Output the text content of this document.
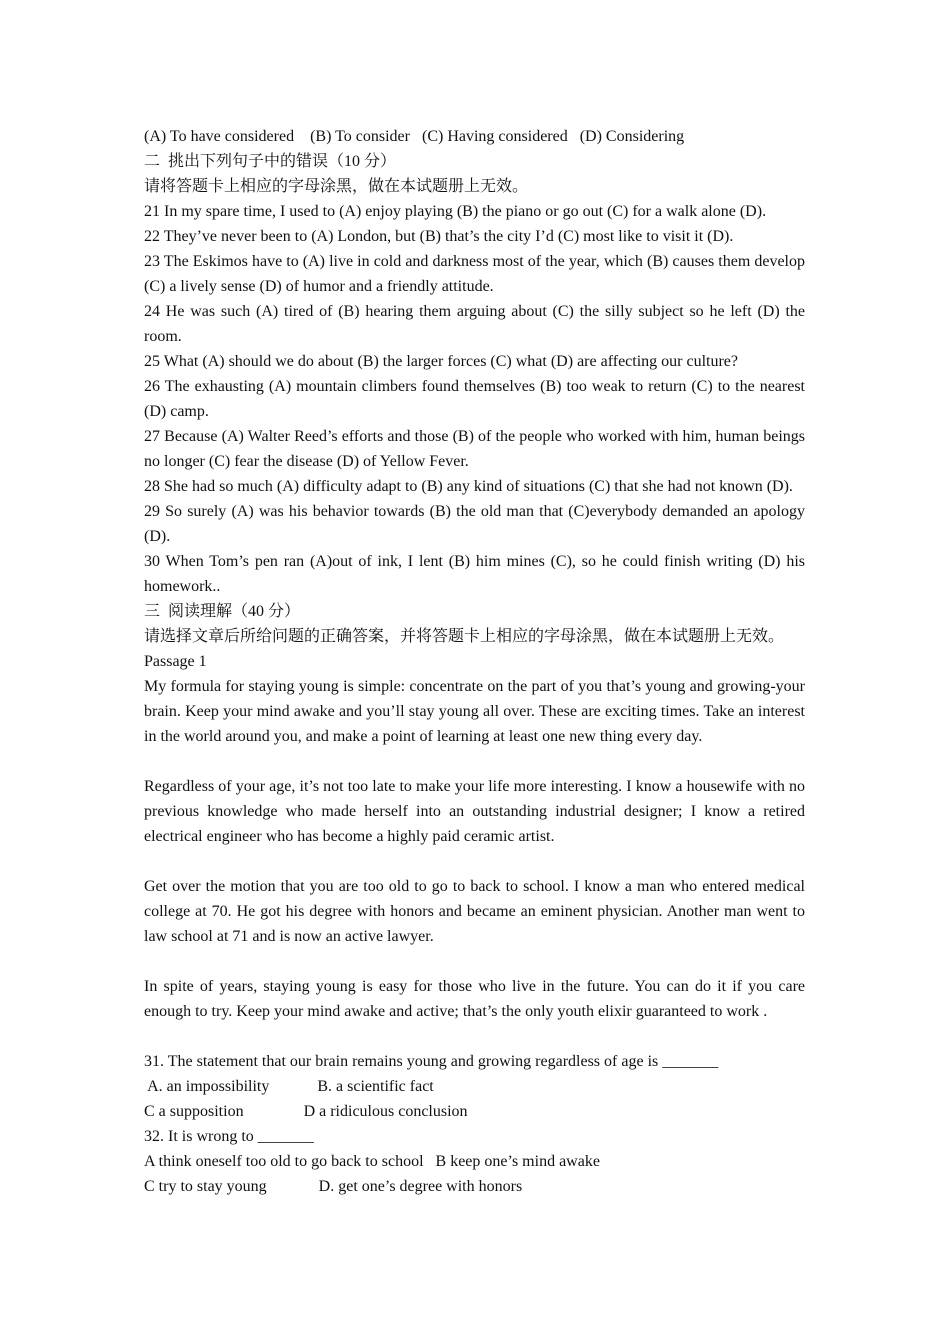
(A) To have considered    (B) To consider   (C) Having considered   (D) Considering
二  挑出下列句子中的错误（10 分）
请将答题卡上相应的字母涂黑，做在本试题册上无效。
21 In my spare time, I used to (A) enjoy playing (B) the piano or go out (C) for a walk alone (D).
22 They’ve never been to (A) London, but (B) that’s the city I’d (C) most like to visit it (D).
23 The Eskimos have to (A) live in cold and darkness most of the year, which (B) causes them develop (C) a lively sense (D) of humor and a friendly attitude.
24 He was such (A) tired of (B) hearing them arguing about (C) the silly subject so he left (D) the room.
25 What (A) should we do about (B) the larger forces (C) what (D) are affecting our culture?
26 The exhausting (A) mountain climbers found themselves (B) too weak to return (C) to the nearest (D) camp.
27 Because (A) Walter Reed’s efforts and those (B) of the people who worked with him, human beings no longer (C) fear the disease (D) of Yellow Fever.
28 She had so much (A) difficulty adapt to (B) any kind of situations (C) that she had not known (D).
29 So surely (A) was his behavior towards (B) the old man that (C)everybody demanded an apology (D).
30 When Tom’s pen ran (A)out of ink, I lent (B) him mines (C), so he could finish writing (D) his homework..
三  阅读理解（40 分）
请选择文章后所给问题的正确答案，并将答题卡上相应的字母涂黑，做在本试题册上无效。
Passage 1
My formula for staying young is simple: concentrate on the part of you that’s young and growing-your brain. Keep your mind awake and you’ll stay young all over. These are exciting times. Take an interest in the world around you, and make a point of learning at least one new thing every day.
Regardless of your age, it’s not too late to make your life more interesting. I know a housewife with no previous knowledge who made herself into an outstanding industrial designer; I know a retired electrical engineer who has become a highly paid ceramic artist.
Get over the motion that you are too old to go to back to school. I know a man who entered medical college at 70. He got his degree with honors and became an eminent physician. Another man went to law school at 71 and is now an active lawyer.
In spite of years, staying young is easy for those who live in the future. You can do it if you care enough to try. Keep your mind awake and active; that’s the only youth elixir guaranteed to work .
31. The statement that our brain remains young and growing regardless of age is _______
A. an impossibility            B. a scientific fact
C a supposition               D a ridiculous conclusion
32. It is wrong to _______
A think oneself too old to go back to school   B keep one’s mind awake
C try to stay young             D. get one’s degree with honors
